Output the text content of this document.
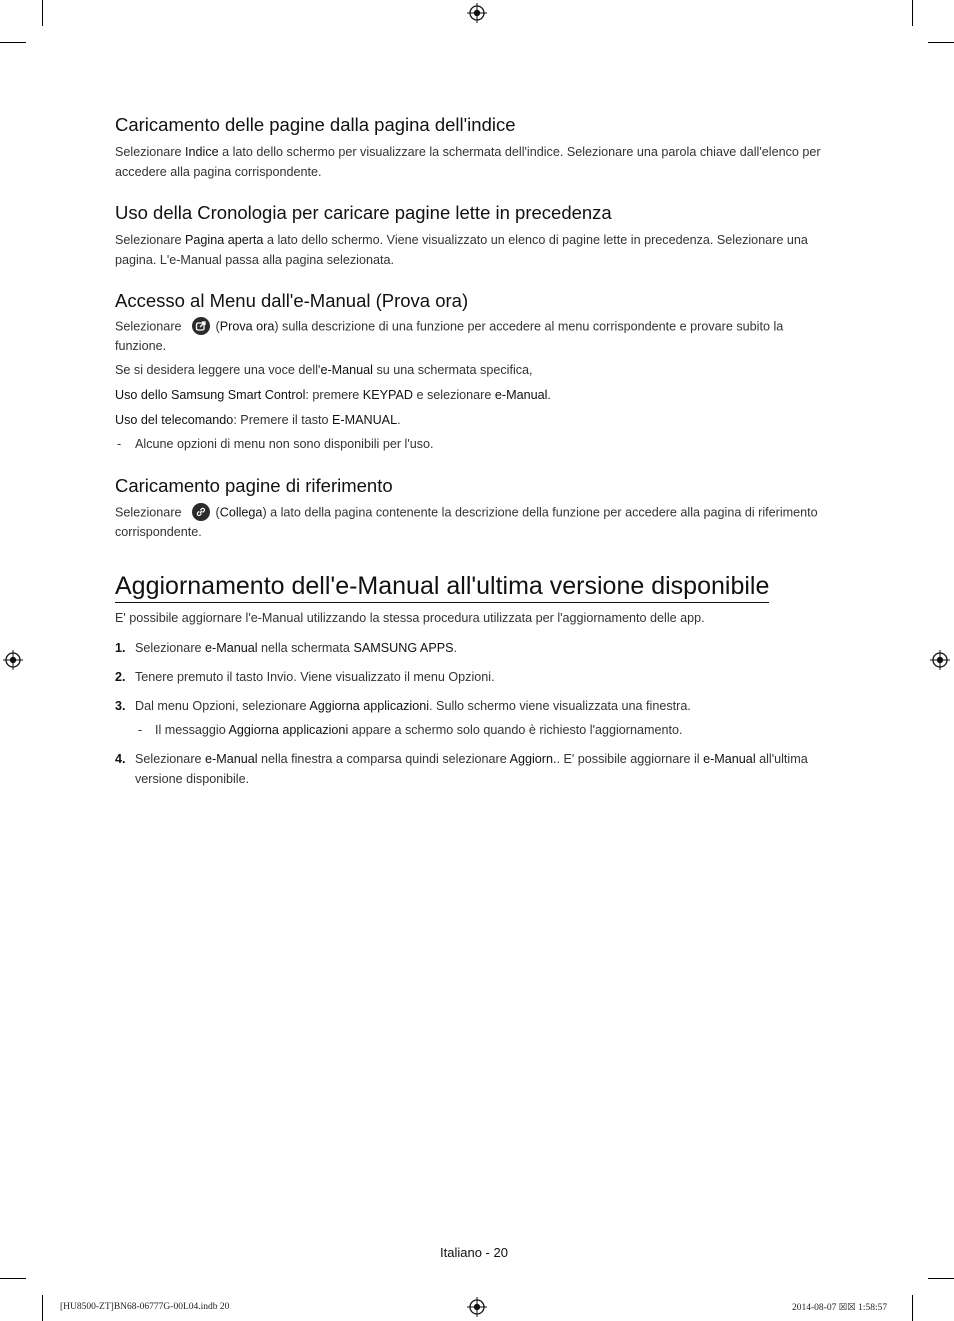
Caricamento delle pagine dalla pagina dell'indice
Selezionare Indice a lato dello schermo per visualizzare la schermata dell'indice. Selezionare una parola chiave dall'elenco per accedere alla pagina corrispondente.
Uso della Cronologia per caricare pagine lette in precedenza
Selezionare Pagina aperta a lato dello schermo. Viene visualizzato un elenco di pagine lette in precedenza. Selezionare una pagina. L'e-Manual passa alla pagina selezionata.
Accesso al Menu dall'e-Manual (Prova ora)
Selezionare	(Prova ora) sulla descrizione di una funzione per accedere al menu corrispondente e provare subito la funzione.
Se si desidera leggere una voce dell'e-Manual su una schermata specifica,
Uso dello Samsung Smart Control: premere KEYPAD e selezionare e-Manual.
Uso del telecomando: Premere il tasto E-MANUAL.
- Alcune opzioni di menu non sono disponibili per l'uso.
Caricamento pagine di riferimento
Selezionare	(Collega) a lato della pagina contenente la descrizione della funzione per accedere alla pagina di riferimento corrispondente.
Aggiornamento dell'e-Manual all'ultima versione disponibile
E' possibile aggiornare l'e-Manual utilizzando la stessa procedura utilizzata per l'aggiornamento delle app.
1. Selezionare e-Manual nella schermata SAMSUNG APPS.
2. Tenere premuto il tasto Invio. Viene visualizzato il menu Opzioni.
3. Dal menu Opzioni, selezionare Aggiorna applicazioni. Sullo schermo viene visualizzata una finestra.
- Il messaggio Aggiorna applicazioni appare a schermo solo quando è richiesto l'aggiornamento.
4. Selezionare e-Manual nella finestra a comparsa quindi selezionare Aggiorn.. E' possibile aggiornare il e-Manual all'ultima versione disponibile.
Italiano - 20
[HU8500-ZT]BN68-06777G-00L04.indb 20	2014-08-07 ☒☒ 1:58:57
